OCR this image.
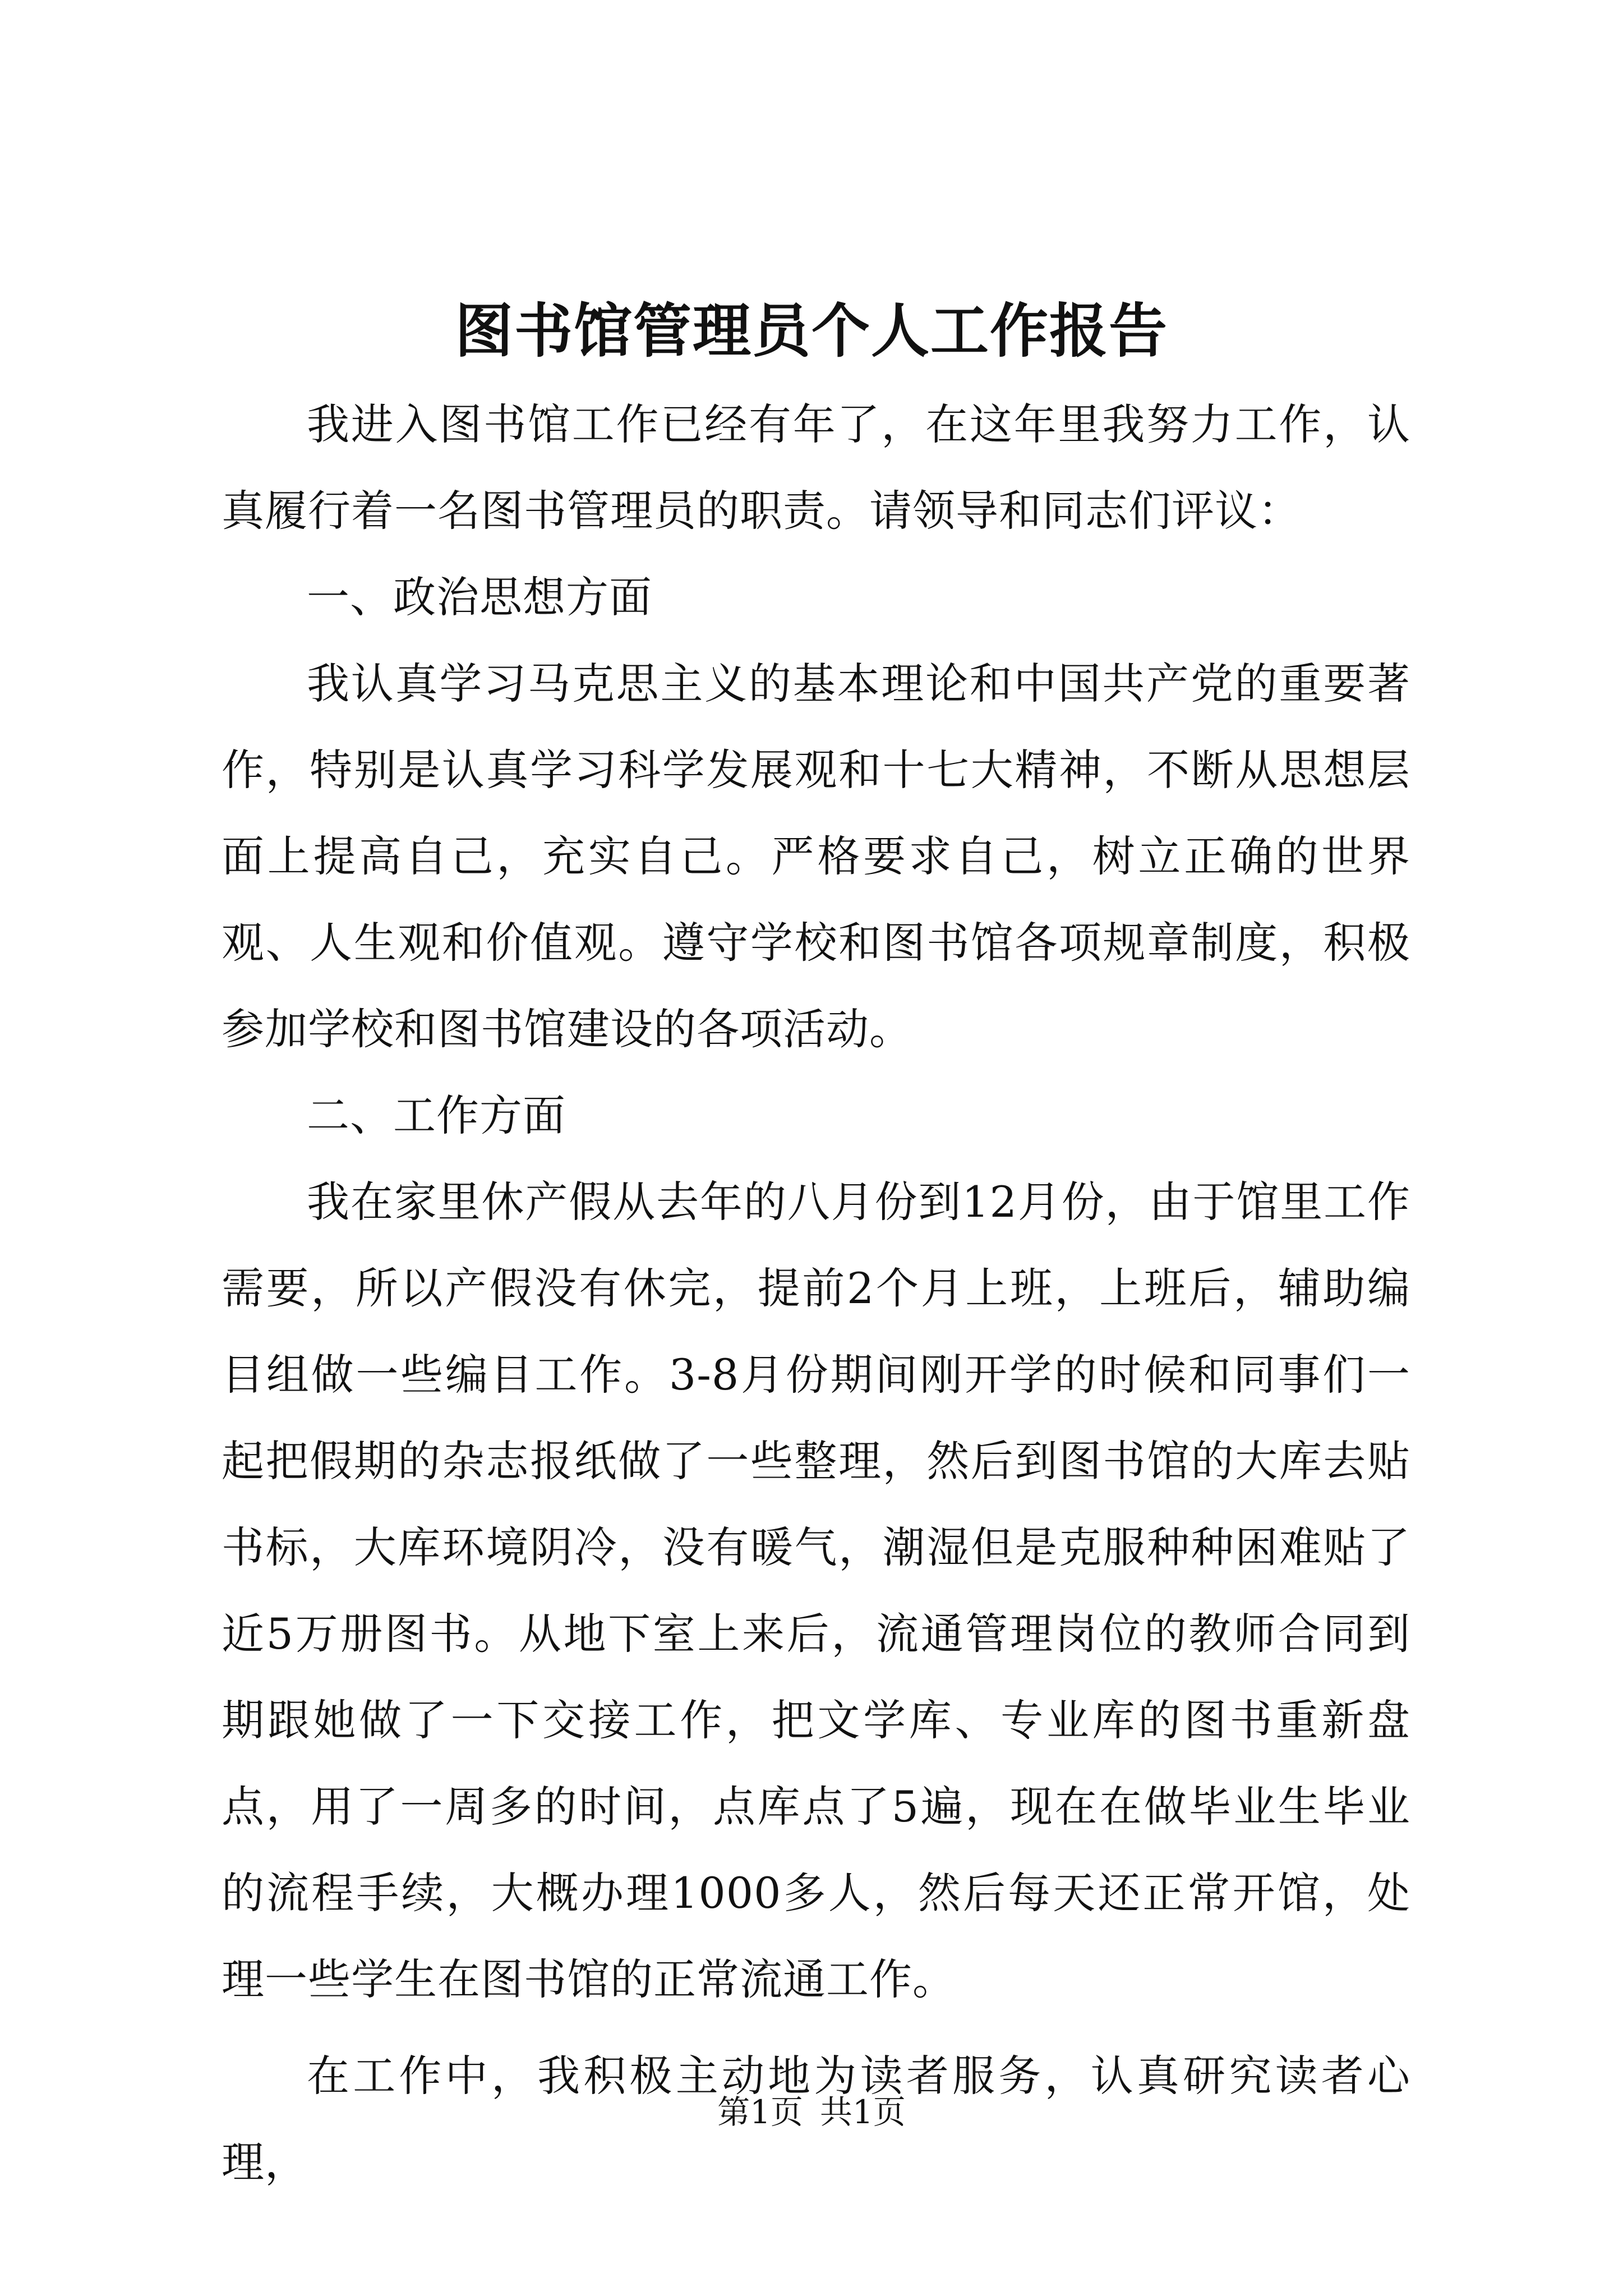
图书馆管理员个人工作报告

我进入图书馆工作已经有年了，在这年里我努力工作，认真履行着一名图书管理员的职责。请领导和同志们评议：

一、政治思想方面

我认真学习马克思主义的基本理论和中国共产党的重要著作，特别是认真学习科学发展观和十七大精神，不断从思想层面上提高自己，充实自己。严格要求自己，树立正确的世界观、人生观和价值观。遵守学校和图书馆各项规章制度，积极参加学校和图书馆建设的各项活动。

二、工作方面

我在家里休产假从去年的八月份到12月份，由于馆里工作需要，所以产假没有休完，提前2个月上班，上班后，辅助编目组做一些编目工作。3-8月份期间刚开学的时候和同事们一起把假期的杂志报纸做了一些整理，然后到图书馆的大库去贴书标，大库环境阴冷，没有暖气，潮湿但是克服种种困难贴了近5万册图书。从地下室上来后，流通管理岗位的教师合同到期跟她做了一下交接工作，把文学库、专业库的图书重新盘点，用了一周多的时间，点库点了5遍，现在在做毕业生毕业的流程手续，大概办理1000多人，然后每天还正常开馆，处理一些学生在图书馆的正常流通工作。

在工作中，我积极主动地为读者服务，认真研究读者心理，

第1页 共1页
